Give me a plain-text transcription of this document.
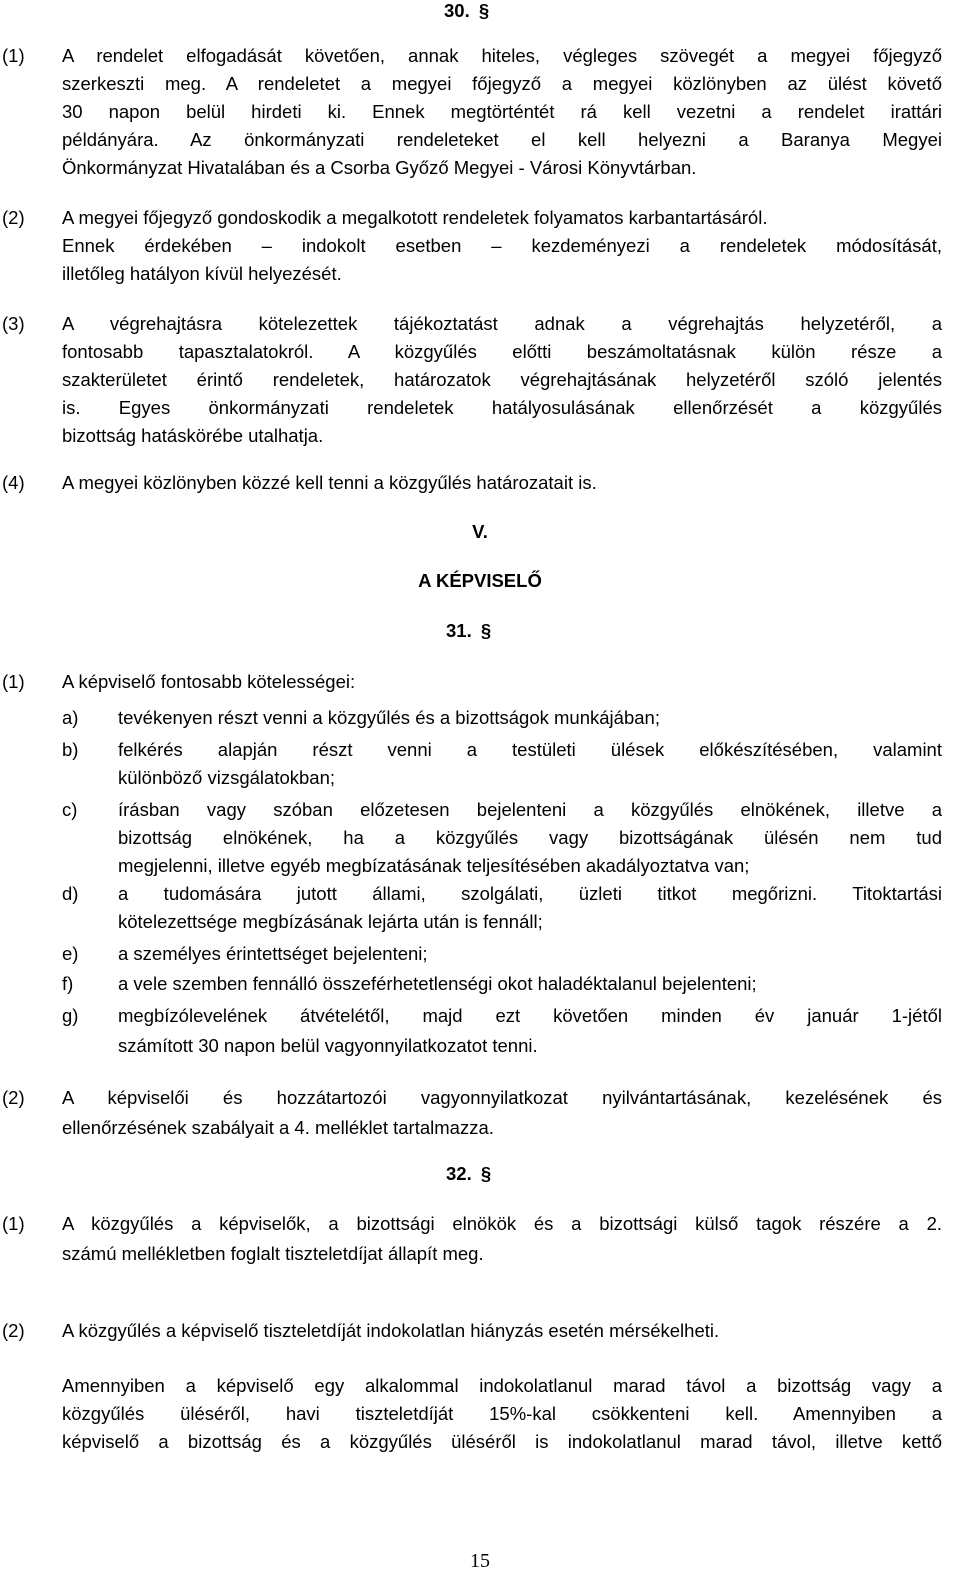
30. §
(1) A rendelet elfogadását követően, annak hiteles, végleges szövegét a megyei főjegyző
szerkeszti meg. A rendeletet a megyei főjegyző a megyei közlönyben az ülést követő
30 napon belül hirdeti ki. Ennek megtörténtét rá kell vezetni a rendelet irattári
példányára. Az önkormányzati rendeleteket el kell helyezni a Baranya Megyei
Önkormányzat Hivatalában és a Csorba Győző Megyei - Városi Könyvtárban.
(2) A megyei főjegyző gondoskodik a megalkotott rendeletek folyamatos karbantartásáról.
Ennek érdekében – indokolt esetben – kezdeményezi a rendeletek módosítását,
illetőleg hatályon kívül helyezését.
(3) A végrehajtásra kötelezettek tájékoztatást adnak a végrehajtás helyzetéről, a
fontosabb tapasztalatokról. A közgyűlés előtti beszámoltatásnak külön része a
szakterületet érintő rendeletek, határozatok végrehajtásának helyzetéről szóló jelentés
is. Egyes önkormányzati rendeletek hatályosulásának ellenőrzését a közgyűlés
bizottság hatáskörébe utalhatja.
(4) A megyei közlönyben közzé kell tenni a közgyűlés határozatait is.
V.
A KÉPVISELŐ
31. §
(1) A képviselő fontosabb kötelességei:
a) tevékenyen részt venni a közgyűlés és a bizottságok munkájában;
b) felkérés alapján részt venni a testületi ülések előkészítésében, valamint
különböző vizsgálatokban;
c) írásban vagy szóban előzetesen bejelenteni a közgyűlés elnökének, illetve a
bizottság elnökének, ha a közgyűlés vagy bizottságának ülésén nem tud
megjelenni, illetve egyéb megbízatásának teljesítésében akadályoztatva van;
d) a tudomására jutott állami, szolgálati, üzleti titkot megőrizni. Titoktartási
kötelezettsége megbízásának lejárta után is fennáll;
e) a személyes érintettséget bejelenteni;
f) a vele szemben fennálló összeférhetetlenségi okot haladéktalanul bejelenteni;
g) megbízólevelének átvételétől, majd ezt követően minden év január 1-jétől
számított 30 napon belül vagyonnyilatkozatot tenni.
(2) A képviselői és hozzátartozói vagyonnyilatkozat nyilvántartásának, kezelésének és
ellenőrzésének szabályait a 4. melléklet tartalmazza.
32. §
(1) A közgyűlés a képviselők, a bizottsági elnökök és a bizottsági külső tagok részére a 2.
számú mellékletben foglalt tiszteletdíjat állapít meg.
(2) A közgyűlés a képviselő tiszteletdíját indokolatlan hiányzás esetén mérsékelheti.
Amennyiben a képviselő egy alkalommal indokolatlanul marad távol a bizottság vagy a
közgyűlés üléséről, havi tiszteletdíját 15%-kal csökkenteni kell. Amennyiben a
képviselő a bizottság és a közgyűlés üléséről is indokolatlanul marad távol, illetve kettő
15
